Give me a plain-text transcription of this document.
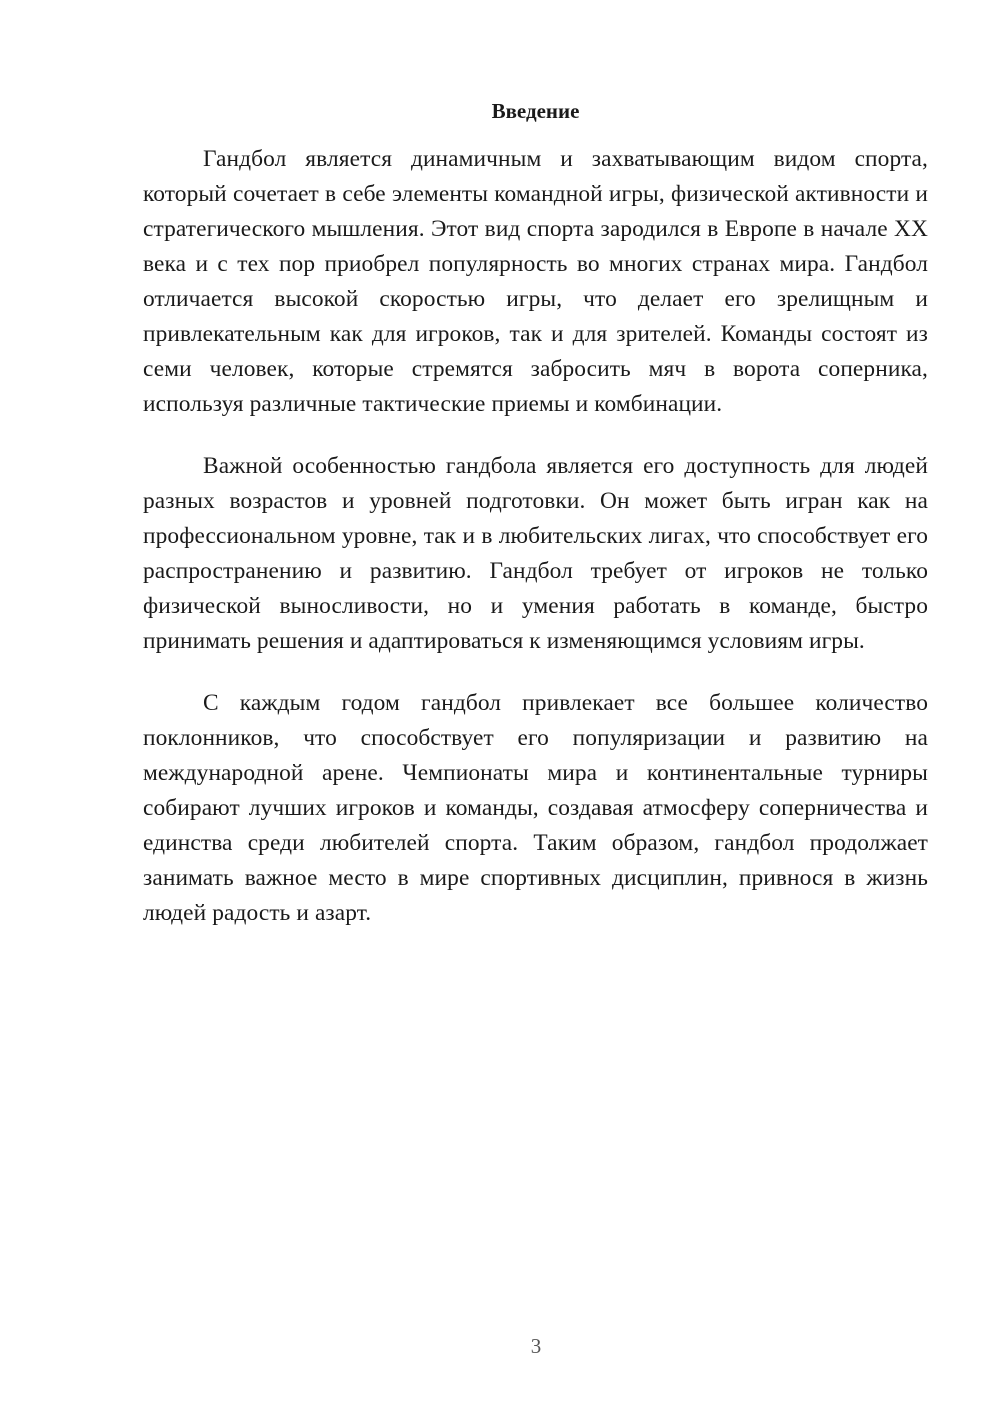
Введение

Гандбол является динамичным и захватывающим видом спорта, который сочетает в себе элементы командной игры, физической активности и стратегического мышления. Этот вид спорта зародился в Европе в начале XX века и с тех пор приобрел популярность во многих странах мира. Гандбол отличается высокой скоростью игры, что делает его зрелищным и привлекательным как для игроков, так и для зрителей. Команды состоят из семи человек, которые стремятся забросить мяч в ворота соперника, используя различные тактические приемы и комбинации.

Важной особенностью гандбола является его доступность для людей разных возрастов и уровней подготовки. Он может быть игран как на профессиональном уровне, так и в любительских лигах, что способствует его распространению и развитию. Гандбол требует от игроков не только физической выносливости, но и умения работать в команде, быстро принимать решения и адаптироваться к изменяющимся условиям игры.

С каждым годом гандбол привлекает все большее количество поклонников, что способствует его популяризации и развитию на международной арене. Чемпионаты мира и континентальные турниры собирают лучших игроков и команды, создавая атмосферу соперничества и единства среди любителей спорта. Таким образом, гандбол продолжает занимать важное место в мире спортивных дисциплин, привнося в жизнь людей радость и азарт.

3
